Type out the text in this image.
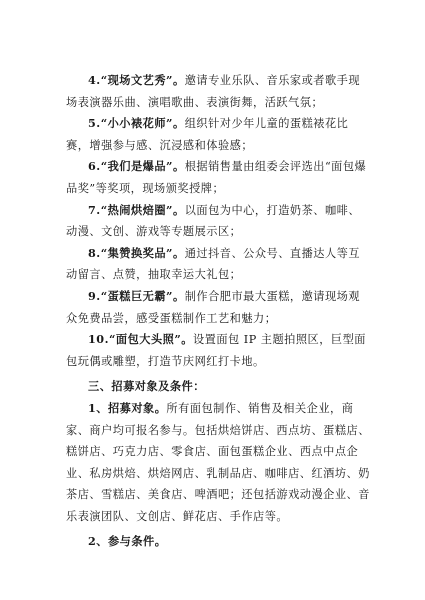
4.“现场文艺秀”。邀请专业乐队、音乐家或者歌手现场表演器乐曲、演唱歌曲、表演街舞，活跃气氛；

5.“小小裱花师”。组织针对少年儿童的蛋糕裱花比赛，增强参与感、沉浸感和体验感；

6.“我们是爆品”。根据销售量由组委会评选出“面包爆品奖”等奖项，现场颁奖授牌；

7.“热闹烘焙圈”。以面包为中心，打造奶茶、咖啡、动漫、文创、游戏等专题展示区；

8.“集赞换奖品”。通过抖音、公众号、直播达人等互动留言、点赞，抽取幸运大礼包；

9.“蛋糕巨无霸”。制作合肥市最大蛋糕，邀请现场观众免费品尝，感受蛋糕制作工艺和魅力；

10.“面包大头照”。设置面包 IP 主题拍照区，巨型面包玩偶或雕塑，打造节庆网红打卡地。

三、招募对象及条件：

1、招募对象。所有面包制作、销售及相关企业，商家、商户均可报名参与。包括烘焙饼店、西点坊、蛋糕店、糕饼店、巧克力店、零食店、面包蛋糕企业、西点中点企业、私房烘焙、烘焙网店、乳制品店、咖啡店、红酒坊、奶茶店、雪糕店、美食店、啤酒吧；还包括游戏动漫企业、音乐表演团队、文创店、鲜花店、手作店等。

2、参与条件。
